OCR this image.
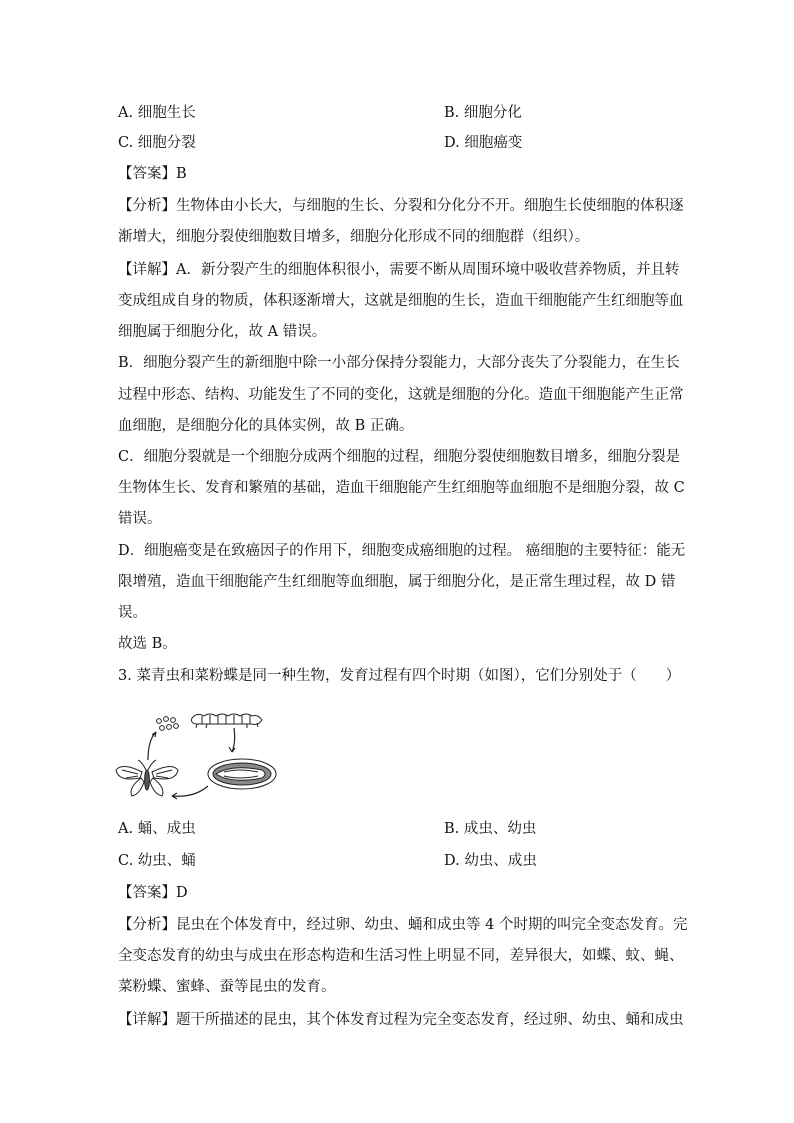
A. 细胞生长	B. 细胞分化
C. 细胞分裂	D. 细胞癌变
【答案】B
【分析】生物体由小长大，与细胞的生长、分裂和分化分不开。细胞生长使细胞的体积逐
渐增大，细胞分裂使细胞数目增多，细胞分化形成不同的细胞群（组织）。
【详解】A．新分裂产生的细胞体积很小，需要不断从周围环境中吸收营养物质，并且转
变成组成自身的物质，体积逐渐增大，这就是细胞的生长，造血干细胞能产生红细胞等血
细胞属于细胞分化，故 A 错误。
B．细胞分裂产生的新细胞中除一小部分保持分裂能力，大部分丧失了分裂能力，在生长
过程中形态、结构、功能发生了不同的变化，这就是细胞的分化。造血干细胞能产生正常
血细胞，是细胞分化的具体实例，故 B 正确。
C．细胞分裂就是一个细胞分成两个细胞的过程，细胞分裂使细胞数目增多，细胞分裂是
生物体生长、发育和繁殖的基础，造血干细胞能产生红细胞等血细胞不是细胞分裂，故 C
错误。
D．细胞癌变是在致癌因子的作用下，细胞变成癌细胞的过程。 癌细胞的主要特征：能无
限增殖，造血干细胞能产生红细胞等血细胞，属于细胞分化，是正常生理过程，故 D 错
误。
故选 B。
3. 菜青虫和菜粉蝶是同一种生物，发育过程有四个时期（如图），它们分别处于（　　）
A. 蛹、成虫	B. 成虫、幼虫
C. 幼虫、蛹	D. 幼虫、成虫
【答案】D
【分析】昆虫在个体发育中，经过卵、幼虫、蛹和成虫等 4 个时期的叫完全变态发育。完
全变态发育的幼虫与成虫在形态构造和生活习性上明显不同，差异很大，如蝶、蚊、蝇、
菜粉蝶、蜜蜂、蚕等昆虫的发育。
【详解】题干所描述的昆虫，其个体发育过程为完全变态发育，经过卵、幼虫、蛹和成虫
